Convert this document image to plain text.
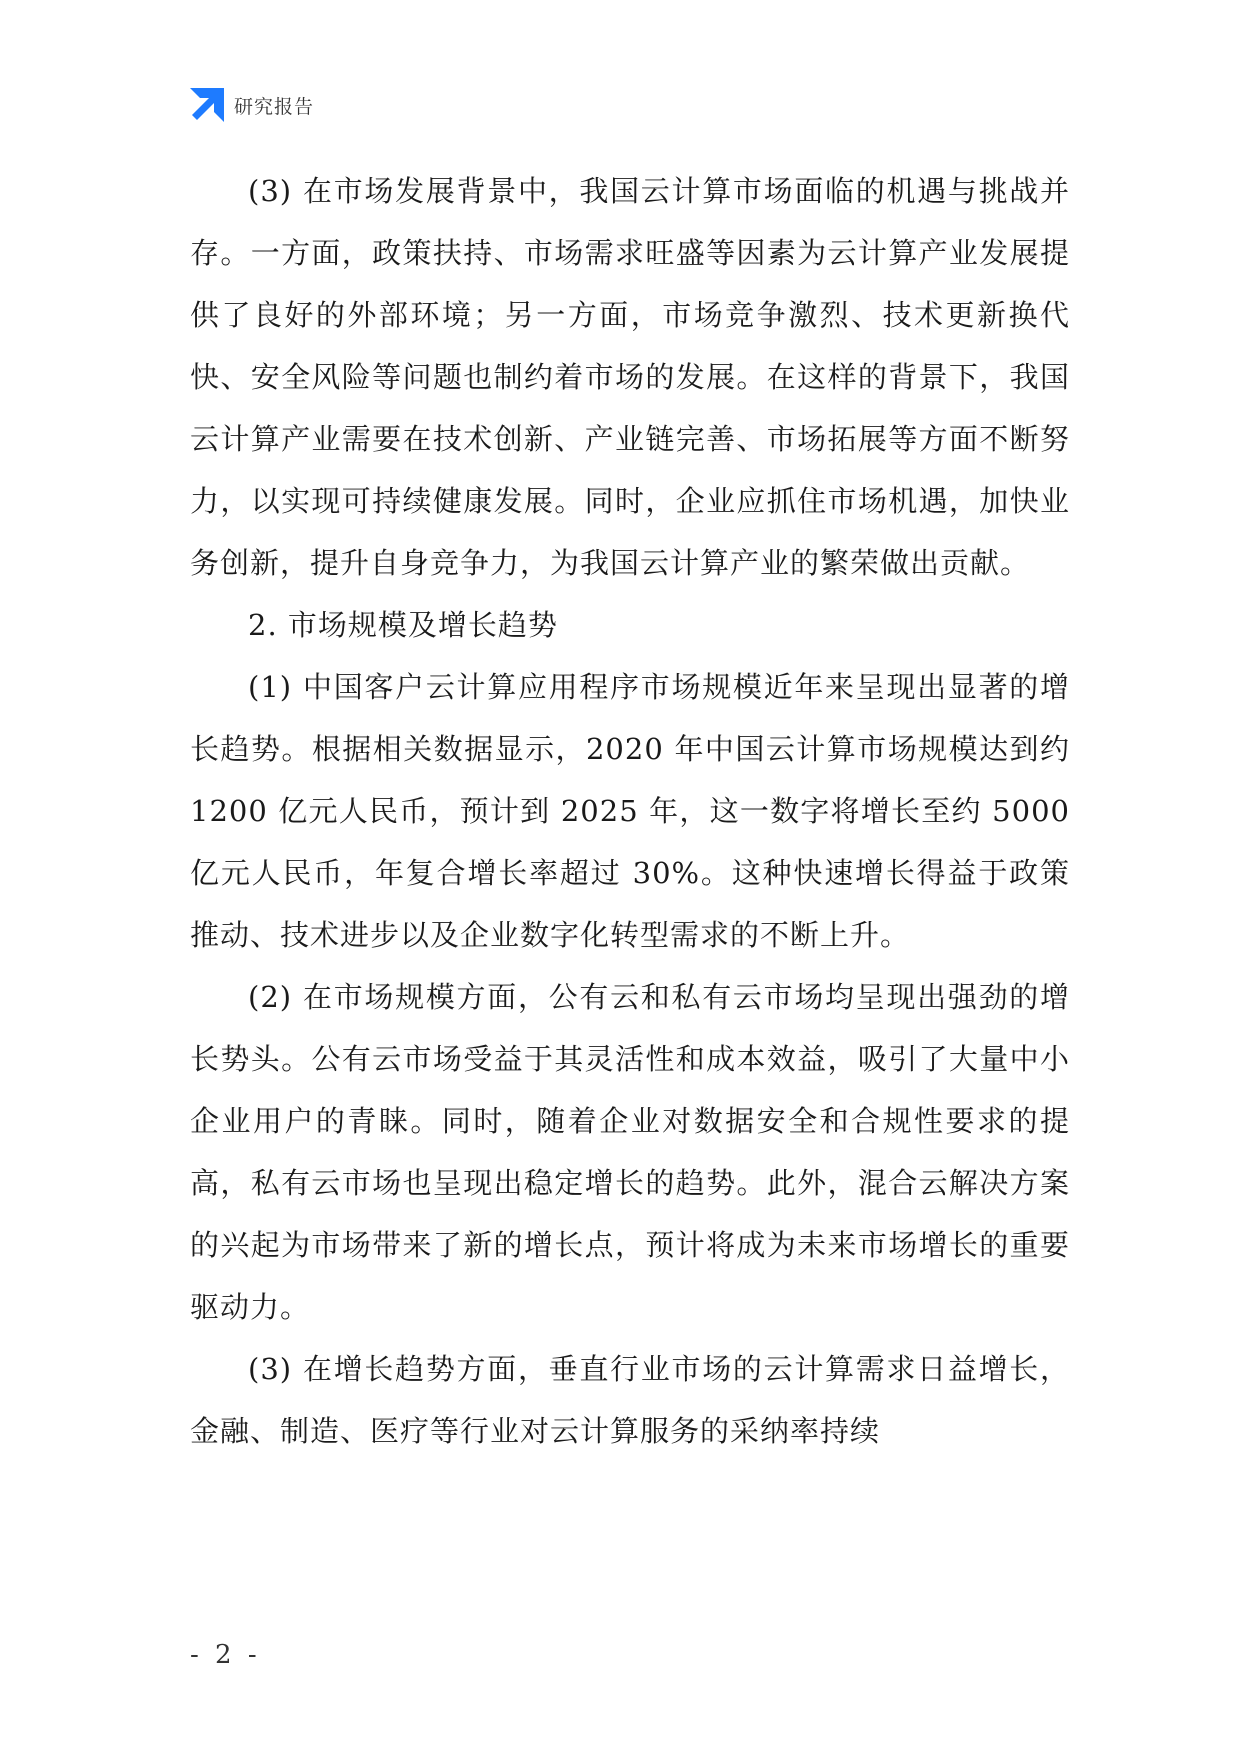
研究报告

(3) 在市场发展背景中，我国云计算市场面临的机遇与挑战并存。一方面，政策扶持、市场需求旺盛等因素为云计算产业发展提供了良好的外部环境；另一方面，市场竞争激烈、技术更新换代快、安全风险等问题也制约着市场的发展。在这样的背景下，我国云计算产业需要在技术创新、产业链完善、市场拓展等方面不断努力，以实现可持续健康发展。同时，企业应抓住市场机遇，加快业务创新，提升自身竞争力，为我国云计算产业的繁荣做出贡献。

2. 市场规模及增长趋势

(1) 中国客户云计算应用程序市场规模近年来呈现出显著的增长趋势。根据相关数据显示，2020 年中国云计算市场规模达到约 1200 亿元人民币，预计到 2025 年，这一数字将增长至约 5000 亿元人民币，年复合增长率超过 30%。这种快速增长得益于政策推动、技术进步以及企业数字化转型需求的不断上升。

(2) 在市场规模方面，公有云和私有云市场均呈现出强劲的增长势头。公有云市场受益于其灵活性和成本效益，吸引了大量中小企业用户的青睐。同时，随着企业对数据安全和合规性要求的提高，私有云市场也呈现出稳定增长的趋势。此外，混合云解决方案的兴起为市场带来了新的增长点，预计将成为未来市场增长的重要驱动力。

(3) 在增长趋势方面，垂直行业市场的云计算需求日益增长，金融、制造、医疗等行业对云计算服务的采纳率持续

- 2 -
